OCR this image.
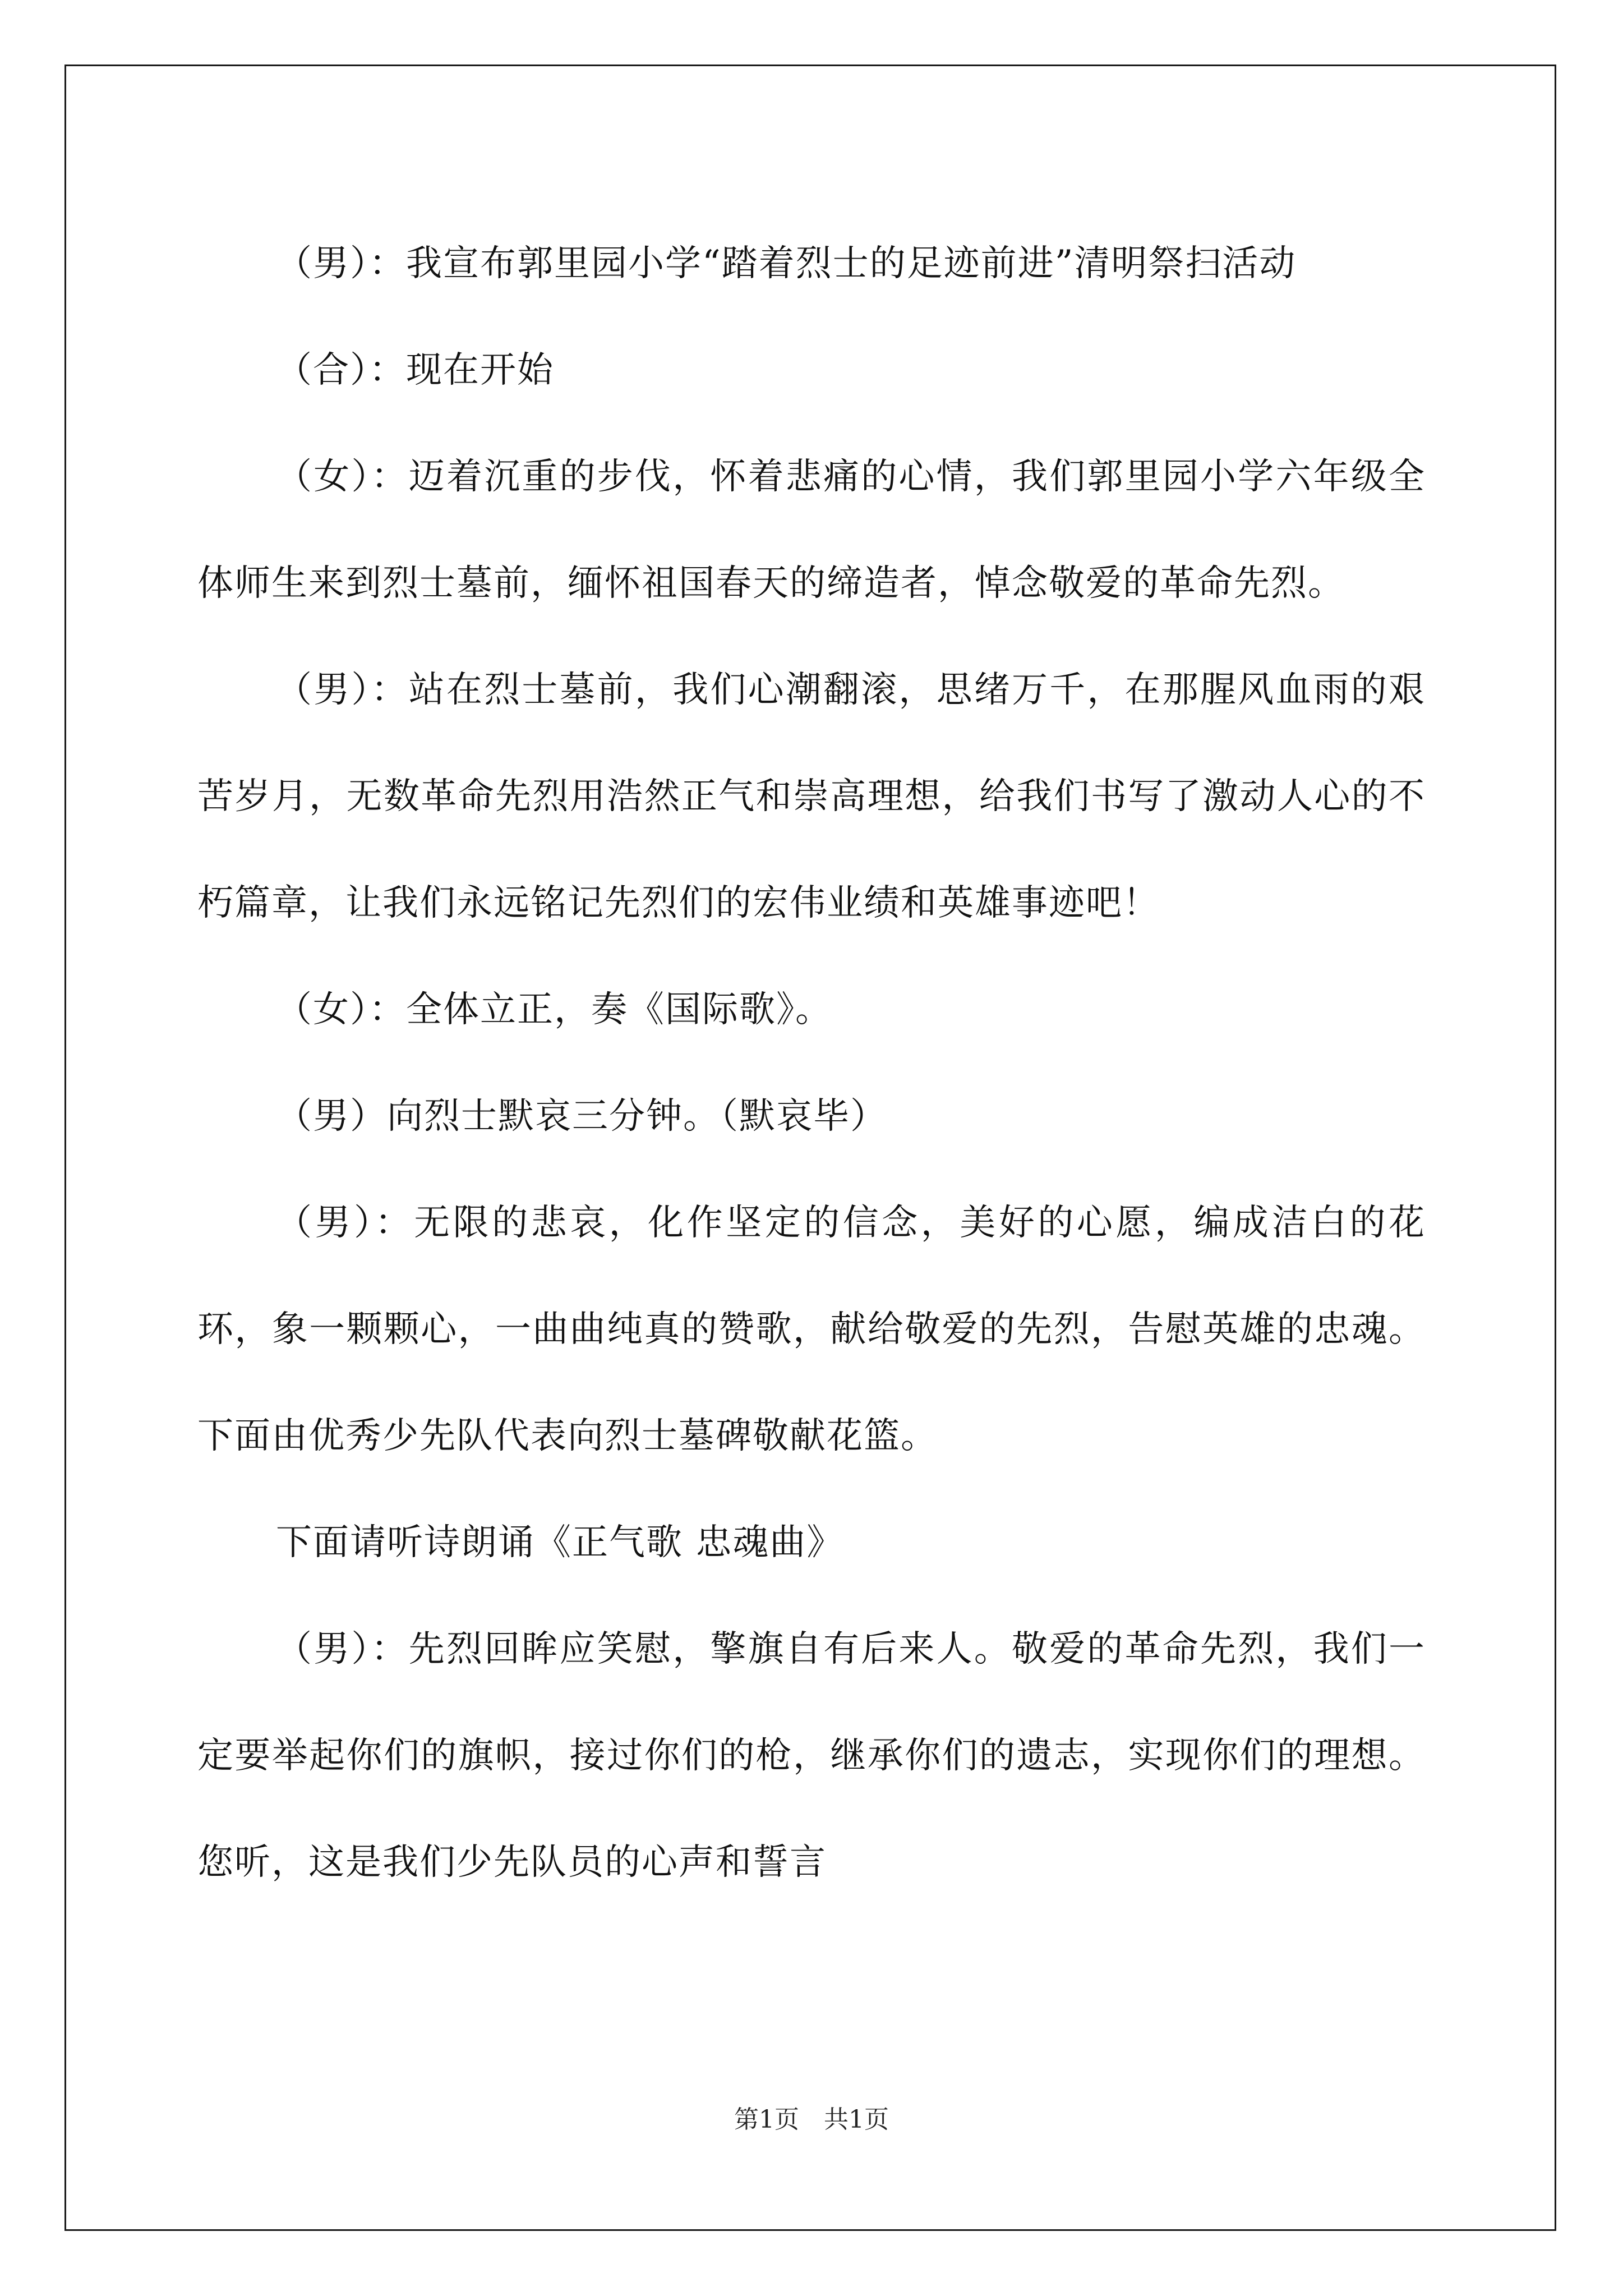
（男）：我宣布郭里园小学“踏着烈士的足迹前进”清明祭扫活动

（合）：现在开始

（女）：迈着沉重的步伐，怀着悲痛的心情，我们郭里园小学六年级全体师生来到烈士墓前，缅怀祖国春天的缔造者，悼念敬爱的革命先烈。

（男）：站在烈士墓前，我们心潮翻滚，思绪万千，在那腥风血雨的艰苦岁月，无数革命先烈用浩然正气和崇高理想，给我们书写了激动人心的不朽篇章，让我们永远铭记先烈们的宏伟业绩和英雄事迹吧！

（女）：全体立正，奏《国际歌》。

（男）向烈士默哀三分钟。（默哀毕）

（男）：无限的悲哀，化作坚定的信念，美好的心愿，编成洁白的花环，象一颗颗心，一曲曲纯真的赞歌，献给敬爱的先烈，告慰英雄的忠魂。下面由优秀少先队代表向烈士墓碑敬献花篮。

下面请听诗朗诵《正气歌 忠魂曲》

（男）：先烈回眸应笑慰，擎旗自有后来人。敬爱的革命先烈，我们一定要举起你们的旗帜，接过你们的枪，继承你们的遗志，实现你们的理想。您听，这是我们少先队员的心声和誓言

第1页 共1页
